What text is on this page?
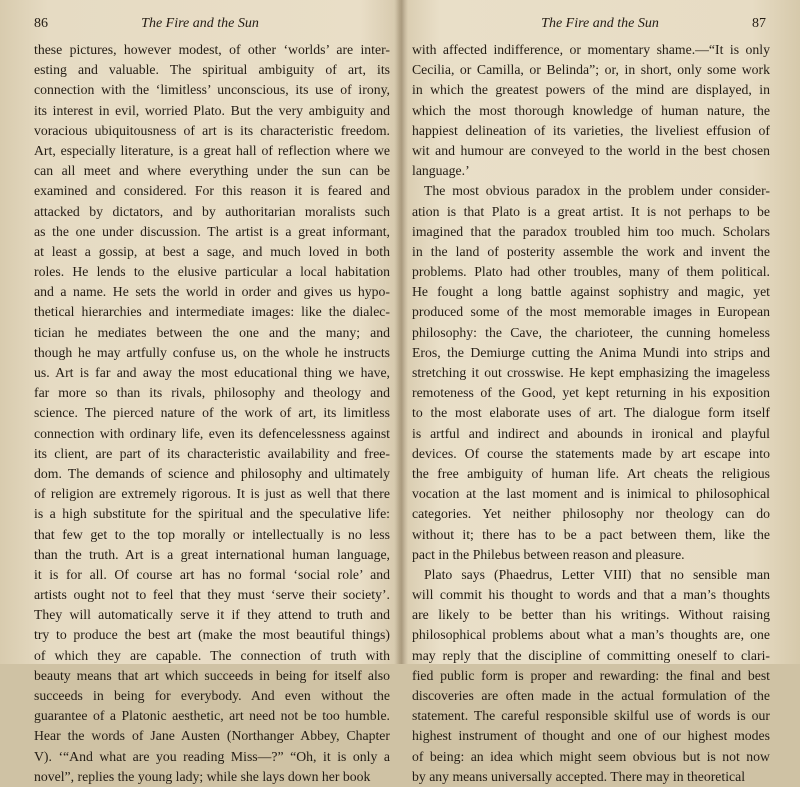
86	The Fire and the Sun
these pictures, however modest, of other ‘worlds’ are inter-
esting and valuable. The spiritual ambiguity of art, its
connection with the ‘limitless’ unconscious, its use of irony,
its interest in evil, worried Plato. But the very ambiguity and
voracious ubiquitousness of art is its characteristic freedom.
Art, especially literature, is a great hall of reflection where we
can all meet and where everything under the sun can be
examined and considered. For this reason it is feared and
attacked by dictators, and by authoritarian moralists such
as the one under discussion. The artist is a great informant,
at least a gossip, at best a sage, and much loved in both
roles. He lends to the elusive particular a local habitation
and a name. He sets the world in order and gives us hypo-
thetical hierarchies and intermediate images: like the dialec-
tician he mediates between the one and the many; and
though he may artfully confuse us, on the whole he instructs
us. Art is far and away the most educational thing we have,
far more so than its rivals, philosophy and theology and
science. The pierced nature of the work of art, its limitless
connection with ordinary life, even its defencelessness against
its client, are part of its characteristic availability and free-
dom. The demands of science and philosophy and ultimately
of religion are extremely rigorous. It is just as well that there
is a high substitute for the spiritual and the speculative life:
that few get to the top morally or intellectually is no less
than the truth. Art is a great international human language,
it is for all. Of course art has no formal ‘social role’ and
artists ought not to feel that they must ‘serve their society’.
They will automatically serve it if they attend to truth and
try to produce the best art (make the most beautiful things)
of which they are capable. The connection of truth with
beauty means that art which succeeds in being for itself also
succeeds in being for everybody. And even without the
guarantee of a Platonic aesthetic, art need not be too humble.
Hear the words of Jane Austen (Northanger Abbey, Chapter
V). ‘“And what are you reading Miss—?” “Oh, it is only a
novel”, replies the young lady; while she lays down her book
The Fire and the Sun	87
with affected indifference, or momentary shame.—“It is only
Cecilia, or Camilla, or Belinda”; or, in short, only some work
in which the greatest powers of the mind are displayed, in
which the most thorough knowledge of human nature, the
happiest delineation of its varieties, the liveliest effusion of
wit and humour are conveyed to the world in the best chosen
language.’
The most obvious paradox in the problem under consider-
ation is that Plato is a great artist. It is not perhaps to be
imagined that the paradox troubled him too much. Scholars
in the land of posterity assemble the work and invent the
problems. Plato had other troubles, many of them political.
He fought a long battle against sophistry and magic, yet
produced some of the most memorable images in European
philosophy: the Cave, the charioteer, the cunning homeless
Eros, the Demiurge cutting the Anima Mundi into strips and
stretching it out crosswise. He kept emphasizing the imageless
remoteness of the Good, yet kept returning in his exposition
to the most elaborate uses of art. The dialogue form itself
is artful and indirect and abounds in ironical and playful
devices. Of course the statements made by art escape into
the free ambiguity of human life. Art cheats the religious
vocation at the last moment and is inimical to philosophical
categories. Yet neither philosophy nor theology can do
without it; there has to be a pact between them, like the
pact in the Philebus between reason and pleasure.
Plato says (Phaedrus, Letter VIII) that no sensible man
will commit his thought to words and that a man’s thoughts
are likely to be better than his writings. Without raising
philosophical problems about what a man’s thoughts are, one
may reply that the discipline of committing oneself to clari-
fied public form is proper and rewarding: the final and best
discoveries are often made in the actual formulation of the
statement. The careful responsible skilful use of words is our
highest instrument of thought and one of our highest modes
of being: an idea which might seem obvious but is not now
by any means universally accepted. There may in theoretical
